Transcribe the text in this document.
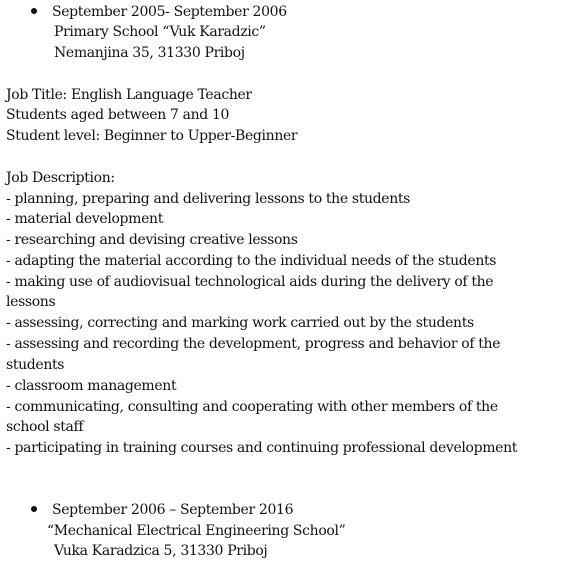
September 2005- September 2006
Primary School “Vuk Karadzic”
Nemanjina 35, 31330 Priboj
Job Title: English Language Teacher
Students aged between 7 and 10
Student level: Beginner to Upper-Beginner
Job Description:
- planning, preparing and delivering lessons to the students
- material development
- researching and devising creative lessons
- adapting the material according to the individual needs of the students
- making use of audiovisual technological aids during the delivery of the
lessons
- assessing, correcting and marking work carried out by the students
- assessing and recording the development, progress and behavior of the
students
- classroom management
- communicating, consulting and cooperating with other members of the
school staff
- participating in training courses and continuing professional development
September 2006 – September 2016
“Mechanical Electrical Engineering School”
Vuka Karadzica 5, 31330 Priboj
